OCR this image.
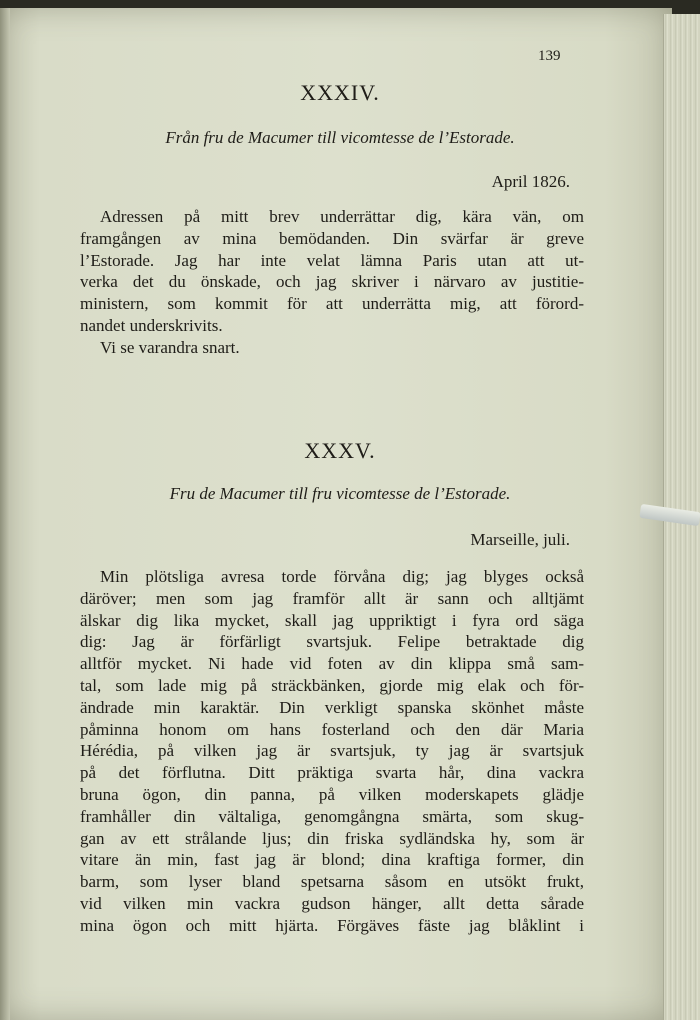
139
XXXIV.
Från fru de Macumer till vicomtesse de l’Estorade.
April 1826.
Adressen på mitt brev underrättar dig, kära vän, om
framgången av mina bemödanden. Din svärfar är greve
l’Estorade. Jag har inte velat lämna Paris utan att ut-
verka det du önskade, och jag skriver i närvaro av justitie-
ministern, som kommit för att underrätta mig, att förord-
nandet underskrivits.
Vi se varandra snart.
XXXV.
Fru de Macumer till fru vicomtesse de l’Estorade.
Marseille, juli.
Min plötsliga avresa torde förvåna dig; jag blyges också
däröver; men som jag framför allt är sann och alltjämt
älskar dig lika mycket, skall jag uppriktigt i fyra ord säga
dig: Jag är förfärligt svartsjuk. Felipe betraktade dig
alltför mycket. Ni hade vid foten av din klippa små sam-
tal, som lade mig på sträckbänken, gjorde mig elak och för-
ändrade min karaktär. Din verkligt spanska skönhet måste
påminna honom om hans fosterland och den där Maria
Hérédia, på vilken jag är svartsjuk, ty jag är svartsjuk
på det förflutna. Ditt präktiga svarta hår, dina vackra
bruna ögon, din panna, på vilken moderskapets glädje
framhåller din vältaliga, genomgångna smärta, som skug-
gan av ett strålande ljus; din friska sydländska hy, som är
vitare än min, fast jag är blond; dina kraftiga former, din
barm, som lyser bland spetsarna såsom en utsökt frukt,
vid vilken min vackra gudson hänger, allt detta sårade
mina ögon och mitt hjärta. Förgäves fäste jag blåklint i
